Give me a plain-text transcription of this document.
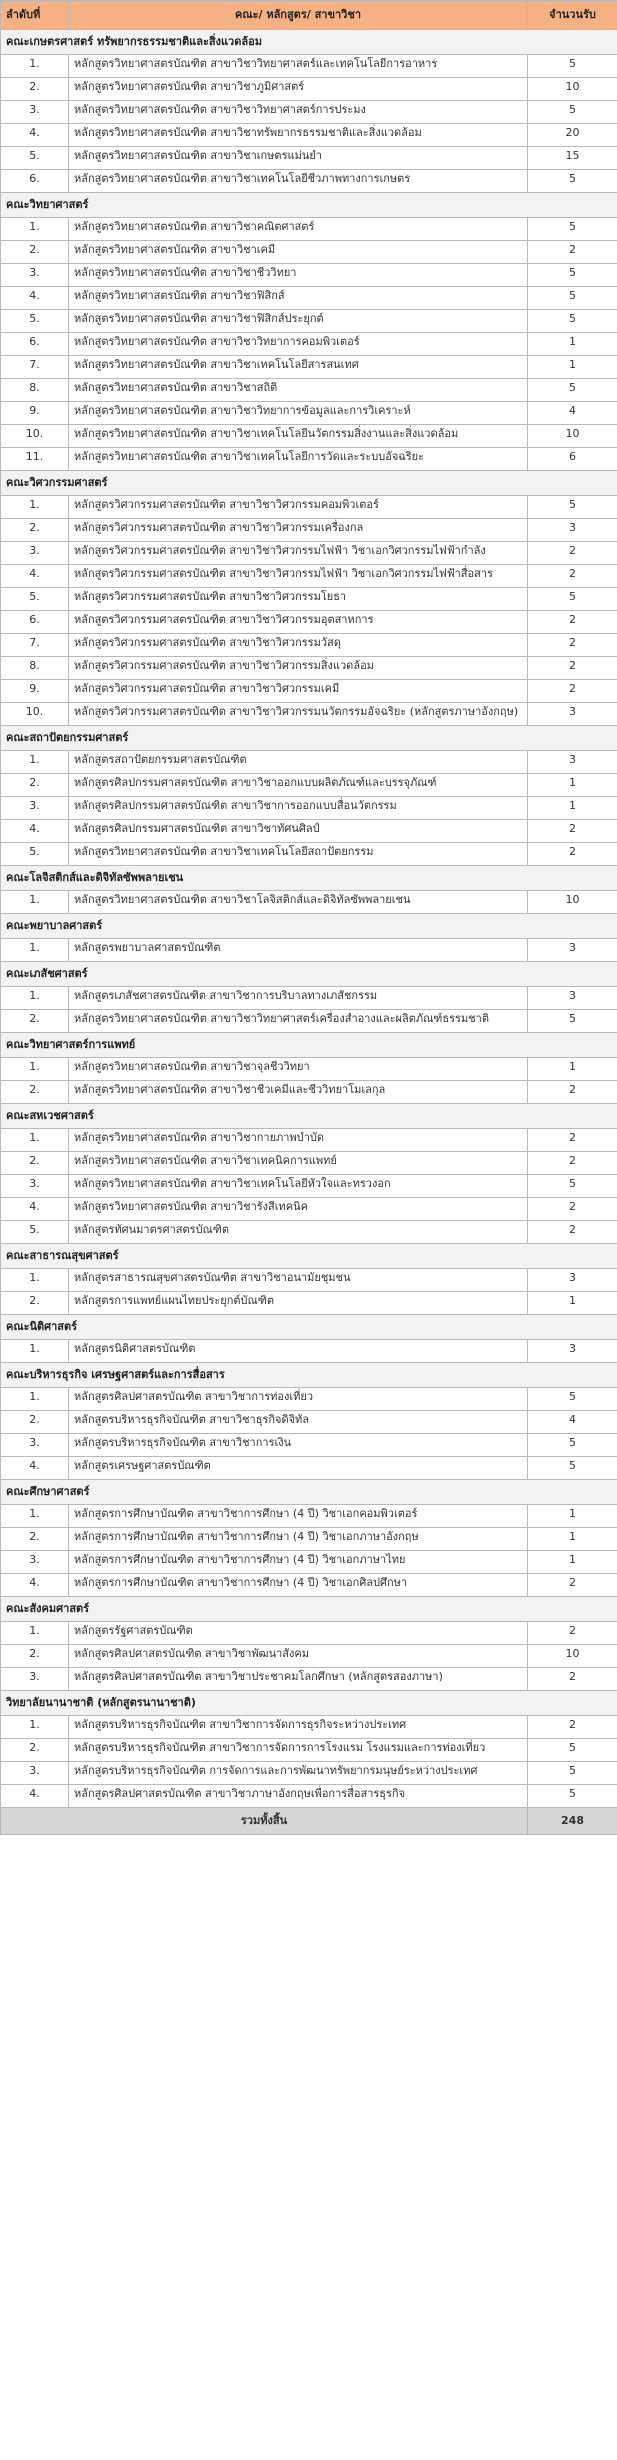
ลำดับที่	คณะ/ หลักสูตร/ สาขาวิชา	จำนวนรับ
คณะเกษตรศาสตร์ ทรัพยากรธรรมชาติและสิ่งแวดล้อม		
1.	หลักสูตรวิทยาศาสตรบัณฑิต สาขาวิชาวิทยาศาสตร์และเทคโนโลยีการอาหาร	5
2.	หลักสูตรวิทยาศาสตรบัณฑิต สาขาวิชาภูมิศาสตร์	10
3.	หลักสูตรวิทยาศาสตรบัณฑิต สาขาวิชาวิทยาศาสตร์การประมง	5
4.	หลักสูตรวิทยาศาสตรบัณฑิต สาขาวิชาทรัพยากรธรรมชาติและสิ่งแวดล้อม	20
5.	หลักสูตรวิทยาศาสตรบัณฑิต สาขาวิชาเกษตรแม่นยำ	15
6.	หลักสูตรวิทยาศาสตรบัณฑิต สาขาวิชาเทคโนโลยีชีวภาพทางการเกษตร	5
คณะวิทยาศาสตร์		
1.	หลักสูตรวิทยาศาสตรบัณฑิต สาขาวิชาคณิตศาสตร์	5
2.	หลักสูตรวิทยาศาสตรบัณฑิต สาขาวิชาเคมี	2
3.	หลักสูตรวิทยาศาสตรบัณฑิต สาขาวิชาชีววิทยา	5
4.	หลักสูตรวิทยาศาสตรบัณฑิต สาขาวิชาฟิสิกส์	5
5.	หลักสูตรวิทยาศาสตรบัณฑิต สาขาวิชาฟิสิกส์ประยุกต์	5
6.	หลักสูตรวิทยาศาสตรบัณฑิต สาขาวิชาวิทยาการคอมพิวเตอร์	1
7.	หลักสูตรวิทยาศาสตรบัณฑิต สาขาวิชาเทคโนโลยีสารสนเทศ	1
8.	หลักสูตรวิทยาศาสตรบัณฑิต สาขาวิชาสถิติ	5
9.	หลักสูตรวิทยาศาสตรบัณฑิต สาขาวิชาวิทยาการข้อมูลและการวิเคราะห์	4
10.	หลักสูตรวิทยาศาสตรบัณฑิต สาขาวิชาเทคโนโลยีนวัตกรรมสิ่งงานและสิ่งแวดล้อม	10
11.	หลักสูตรวิทยาศาสตรบัณฑิต สาขาวิชาเทคโนโลยีการวัดและระบบอัจฉริยะ	6
คณะวิศวกรรมศาสตร์		
1.	หลักสูตรวิศวกรรมศาสตรบัณฑิต สาขาวิชาวิศวกรรมคอมพิวเตอร์	5
2.	หลักสูตรวิศวกรรมศาสตรบัณฑิต สาขาวิชาวิศวกรรมเครื่องกล	3
3.	หลักสูตรวิศวกรรมศาสตรบัณฑิต สาขาวิชาวิศวกรรมไฟฟ้า วิชาเอกวิศวกรรมไฟฟ้ากำลัง	2
4.	หลักสูตรวิศวกรรมศาสตรบัณฑิต สาขาวิชาวิศวกรรมไฟฟ้า วิชาเอกวิศวกรรมไฟฟ้าสื่อสาร	2
5.	หลักสูตรวิศวกรรมศาสตรบัณฑิต สาขาวิชาวิศวกรรมโยธา	5
6.	หลักสูตรวิศวกรรมศาสตรบัณฑิต สาขาวิชาวิศวกรรมอุตสาหการ	2
7.	หลักสูตรวิศวกรรมศาสตรบัณฑิต สาขาวิชาวิศวกรรมวัสดุ	2
8.	หลักสูตรวิศวกรรมศาสตรบัณฑิต สาขาวิชาวิศวกรรมสิ่งแวดล้อม	2
9.	หลักสูตรวิศวกรรมศาสตรบัณฑิต สาขาวิชาวิศวกรรมเคมี	2
10.	หลักสูตรวิศวกรรมศาสตรบัณฑิต สาขาวิชาวิศวกรรมนวัตกรรมอัจฉริยะ (หลักสูตรภาษาอังกฤษ)	3
คณะสถาปัตยกรรมศาสตร์		
1.	หลักสูตรสถาปัตยกรรมศาสตรบัณฑิต	3
2.	หลักสูตรศิลปกรรมศาสตรบัณฑิต สาขาวิชาออกแบบผลิตภัณฑ์และบรรจุภัณฑ์	1
3.	หลักสูตรศิลปกรรมศาสตรบัณฑิต สาขาวิชาการออกแบบสื่อนวัตกรรม	1
4.	หลักสูตรศิลปกรรมศาสตรบัณฑิต สาขาวิชาทัศนศิลป์	2
5.	หลักสูตรวิทยาศาสตรบัณฑิต สาขาวิชาเทคโนโลยีสถาปัตยกรรม	2
คณะโลจิสติกส์และดิจิทัลซัพพลายเชน		
1.	หลักสูตรวิทยาศาสตรบัณฑิต สาขาวิชาโลจิสติกส์และดิจิทัลซัพพลายเชน	10
คณะพยาบาลศาสตร์		
1.	หลักสูตรพยาบาลศาสตรบัณฑิต	3
คณะเภสัชศาสตร์		
1.	หลักสูตรเภสัชศาสตรบัณฑิต สาขาวิชาการบริบาลทางเภสัชกรรม	3
2.	หลักสูตรวิทยาศาสตรบัณฑิต สาขาวิชาวิทยาศาสตร์เครื่องสำอางและผลิตภัณฑ์ธรรมชาติ	5
คณะวิทยาศาสตร์การแพทย์		
1.	หลักสูตรวิทยาศาสตรบัณฑิต สาขาวิชาจุลชีววิทยา	1
2.	หลักสูตรวิทยาศาสตรบัณฑิต สาขาวิชาชีวเคมีและชีววิทยาโมเลกุล	2
คณะสหเวชศาสตร์		
1.	หลักสูตรวิทยาศาสตรบัณฑิต สาขาวิชากายภาพบำบัด	2
2.	หลักสูตรวิทยาศาสตรบัณฑิต สาขาวิชาเทคนิคการแพทย์	2
3.	หลักสูตรวิทยาศาสตรบัณฑิต สาขาวิชาเทคโนโลยีหัวใจและทรวงอก	5
4.	หลักสูตรวิทยาศาสตรบัณฑิต สาขาวิชารังสีเทคนิค	2
5.	หลักสูตรทัศนมาตรศาสตรบัณฑิต	2
คณะสาธารณสุขศาสตร์		
1.	หลักสูตรสาธารณสุขศาสตรบัณฑิต สาขาวิชาอนามัยชุมชน	3
2.	หลักสูตรการแพทย์แผนไทยประยุกต์บัณฑิต	1
คณะนิติศาสตร์		
1.	หลักสูตรนิติศาสตรบัณฑิต	3
คณะบริหารธุรกิจ เศรษฐศาสตร์และการสื่อสาร		
1.	หลักสูตรศิลปศาสตรบัณฑิต สาขาวิชาการท่องเที่ยว	5
2.	หลักสูตรบริหารธุรกิจบัณฑิต สาขาวิชาธุรกิจดิจิทัล	4
3.	หลักสูตรบริหารธุรกิจบัณฑิต สาขาวิชาการเงิน	5
4.	หลักสูตรเศรษฐศาสตรบัณฑิต	5
คณะศึกษาศาสตร์		
1.	หลักสูตรการศึกษาบัณฑิต สาขาวิชาการศึกษา (4 ปี) วิชาเอกคอมพิวเตอร์	1
2.	หลักสูตรการศึกษาบัณฑิต สาขาวิชาการศึกษา (4 ปี) วิชาเอกภาษาอังกฤษ	1
3.	หลักสูตรการศึกษาบัณฑิต สาขาวิชาการศึกษา (4 ปี) วิชาเอกภาษาไทย	1
4.	หลักสูตรการศึกษาบัณฑิต สาขาวิชาการศึกษา (4 ปี) วิชาเอกศิลปศึกษา	2
คณะสังคมศาสตร์		
1.	หลักสูตรรัฐศาสตรบัณฑิต	2
2.	หลักสูตรศิลปศาสตรบัณฑิต สาขาวิชาพัฒนาสังคม	10
3.	หลักสูตรศิลปศาสตรบัณฑิต สาขาวิชาประชาคมโลกศึกษา (หลักสูตรสองภาษา)	2
วิทยาลัยนานาชาติ (หลักสูตรนานาชาติ)		
1.	หลักสูตรบริหารธุรกิจบัณฑิต สาขาวิชาการจัดการธุรกิจระหว่างประเทศ	2
2.	หลักสูตรบริหารธุรกิจบัณฑิต สาขาวิชาการจัดการการโรงแรม โรงแรมและการท่องเที่ยว	5
3.	หลักสูตรบริหารธุรกิจบัณฑิต การจัดการและการพัฒนาทรัพยากรมนุษย์ระหว่างประเทศ	5
4.	หลักสูตรศิลปศาสตรบัณฑิต สาขาวิชาภาษาอังกฤษเพื่อการสื่อสารธุรกิจ	5
รวมทั้งสิ้น		248
